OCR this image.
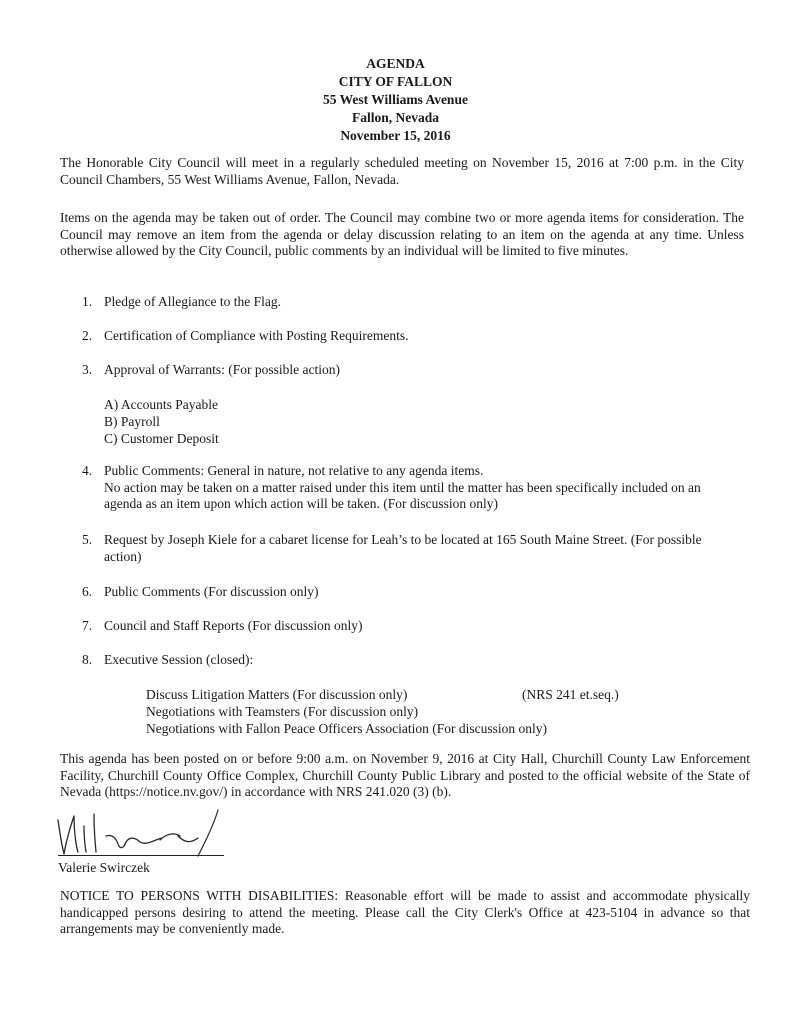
AGENDA
CITY OF FALLON
55 West Williams Avenue
Fallon, Nevada
November 15, 2016
The Honorable City Council will meet in a regularly scheduled meeting on November 15, 2016 at 7:00 p.m. in the City Council Chambers, 55 West Williams Avenue, Fallon, Nevada.
Items on the agenda may be taken out of order. The Council may combine two or more agenda items for consideration. The Council may remove an item from the agenda or delay discussion relating to an item on the agenda at any time. Unless otherwise allowed by the City Council, public comments by an individual will be limited to five minutes.
1. Pledge of Allegiance to the Flag.
2. Certification of Compliance with Posting Requirements.
3. Approval of Warrants: (For possible action)
A) Accounts Payable
B) Payroll
C) Customer Deposit
4. Public Comments: General in nature, not relative to any agenda items.
No action may be taken on a matter raised under this item until the matter has been specifically included on an agenda as an item upon which action will be taken. (For discussion only)
5. Request by Joseph Kiele for a cabaret license for Leah’s to be located at 165 South Maine Street. (For possible action)
6. Public Comments (For discussion only)
7. Council and Staff Reports (For discussion only)
8. Executive Session (closed):
Discuss Litigation Matters (For discussion only)	(NRS 241 et.seq.)
Negotiations with Teamsters (For discussion only)
Negotiations with Fallon Peace Officers Association (For discussion only)
This agenda has been posted on or before 9:00 a.m. on November 9, 2016 at City Hall, Churchill County Law Enforcement Facility, Churchill County Office Complex, Churchill County Public Library and posted to the official website of the State of Nevada (https://notice.nv.gov/) in accordance with NRS 241.020 (3) (b).
Valerie Swirczek
NOTICE TO PERSONS WITH DISABILITIES: Reasonable effort will be made to assist and accommodate physically handicapped persons desiring to attend the meeting. Please call the City Clerk's Office at 423-5104 in advance so that arrangements may be conveniently made.
